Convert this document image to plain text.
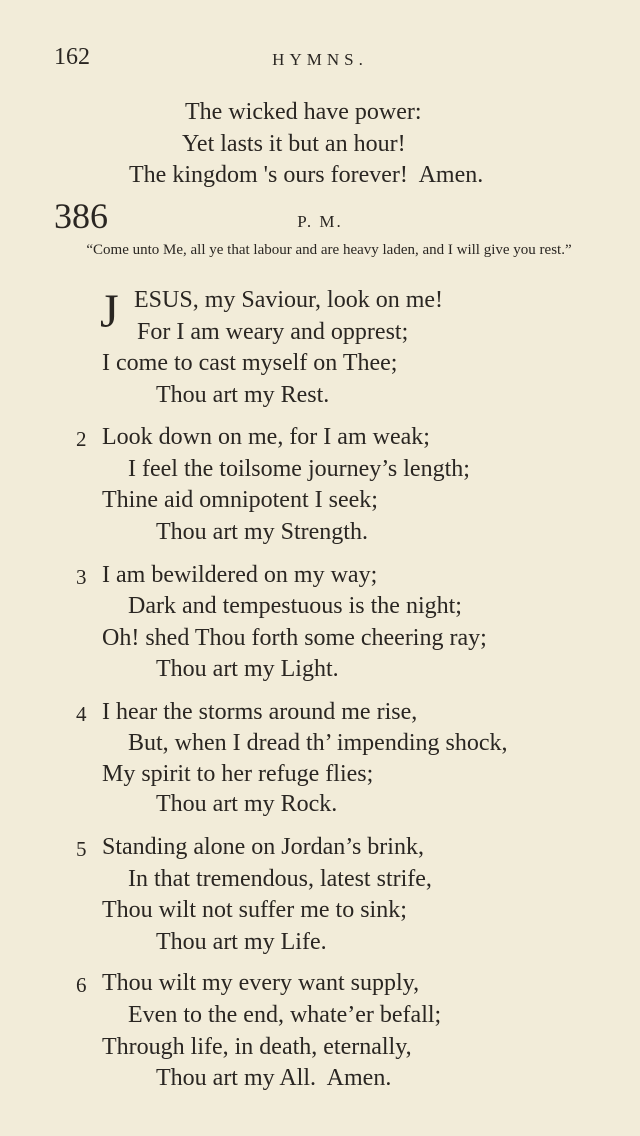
162	HYMNS.
The wicked have power:
Yet lasts it but an hour!
The kingdom 's ours forever!  Amen.
386	P. M.
“Come unto Me, all ye that labour and are heavy laden, and I will give you rest.”
J ESUS, my Saviour, look on me!
For I am weary and opprest;
I come to cast myself on Thee;
Thou art my Rest.
2 Look down on me, for I am weak;
I feel the toilsome journey’s length;
Thine aid omnipotent I seek;
Thou art my Strength.
3 I am bewildered on my way;
Dark and tempestuous is the night;
Oh! shed Thou forth some cheering ray;
Thou art my Light.
4 I hear the storms around me rise,
But, when I dread th’ impending shock,
My spirit to her refuge flies;
Thou art my Rock.
5 Standing alone on Jordan’s brink,
In that tremendous, latest strife,
Thou wilt not suffer me to sink;
Thou art my Life.
6 Thou wilt my every want supply,
Even to the end, whate’er befall;
Through life, in death, eternally,
Thou art my All.  Amen.
